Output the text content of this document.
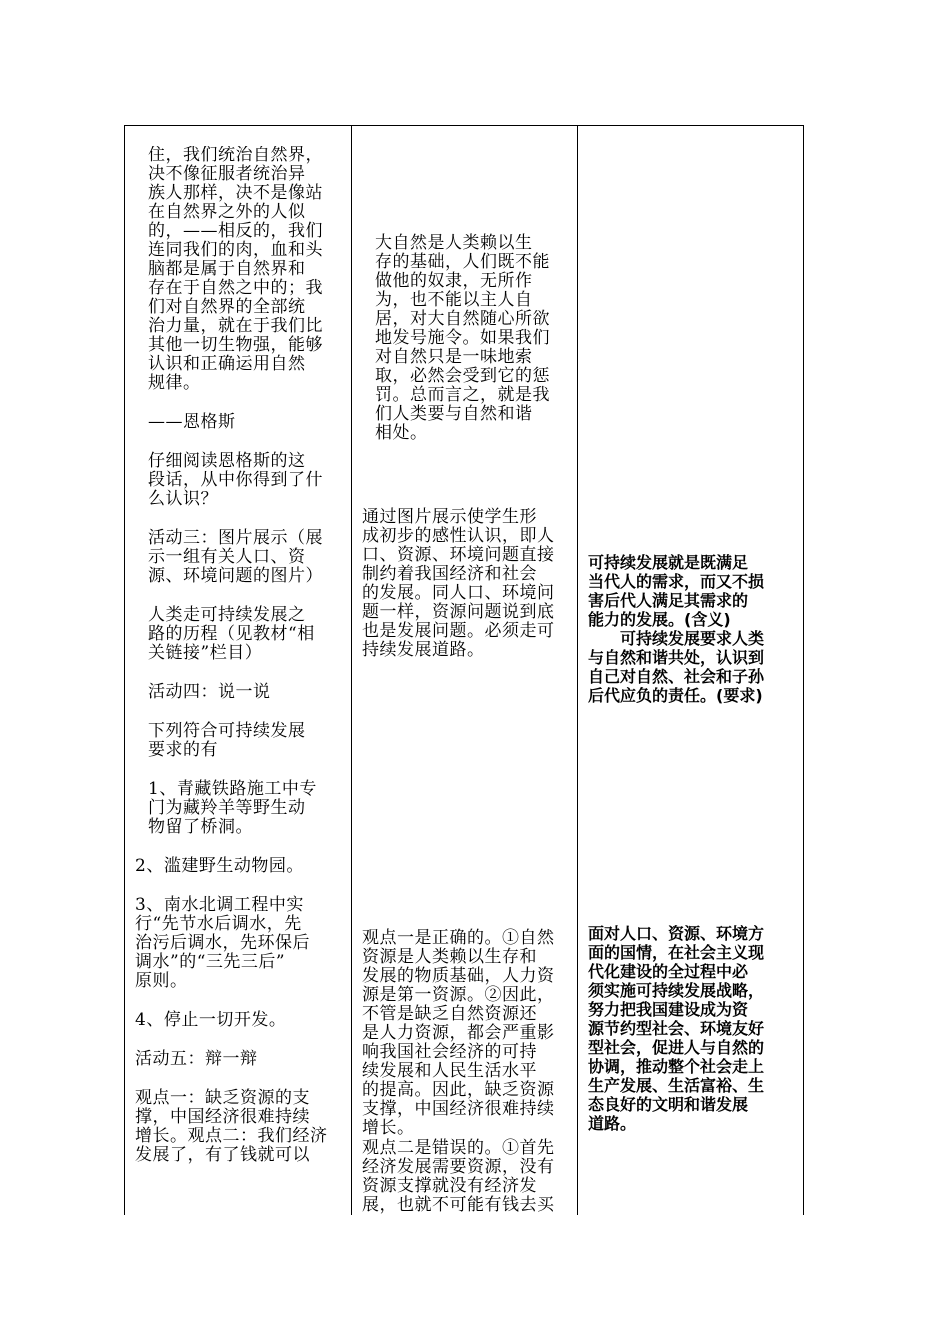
住，我们统治自然界，

决不像征服者统治异

族人那样，决不是像站

在自然界之外的人似

的，——相反的，我们

连同我们的肉，血和头

脑都是属于自然界和

存在于自然之中的；我

们对自然界的全部统

治力量，就在于我们比

其他一切生物强，能够

认识和正确运用自然

规律。

——恩格斯

仔细阅读恩格斯的这

段话，从中你得到了什

么认识？

活动三：图片展示（展

示一组有关人口、资

源、环境问题的图片）

人类走可持续发展之

路的历程（见教材“相

关链接”栏目）

活动四：说一说

下列符合可持续发展

要求的有

1、青藏铁路施工中专

门为藏羚羊等野生动

物留了桥洞。

2、滥建野生动物园。

3、南水北调工程中实

行“先节水后调水，先

治污后调水，先环保后

调水”的“三先三后”

原则。

4、停止一切开发。

活动五：辩一辩

观点一：缺乏资源的支

撑，中国经济很难持续

增长。观点二：我们经济

发展了，有了钱就可以

大自然是人类赖以生

存的基础，人们既不能

做他的奴隶，无所作

为，也不能以主人自

居，对大自然随心所欲

地发号施令。如果我们

对自然只是一味地索

取，必然会受到它的惩

罚。总而言之，就是我

们人类要与自然和谐

相处。

通过图片展示使学生形

成初步的感性认识，即人

口、资源、环境问题直接

制约着我国经济和社会

的发展。同人口、环境问

题一样，资源问题说到底

也是发展问题。必须走可

持续发展道路。

观点一是正确的。①自然

资源是人类赖以生存和

发展的物质基础，人力资

源是第一资源。②因此，

不管是缺乏自然资源还

是人力资源，都会严重影

响我国社会经济的可持

续发展和人民生活水平

的提高。因此，缺乏资源

支撑，中国经济很难持续

增长。

观点二是错误的。①首先

经济发展需要资源，没有

资源支撑就没有经济发

展，也就不可能有钱去买

可持续发展就是既满足

当代人的需求，而又不损

害后代人满足其需求的

能力的发展。(含义)

　　可持续发展要求人类

与自然和谐共处，认识到

自己对自然、社会和子孙

后代应负的责任。(要求)

面对人口、资源、环境方

面的国情，在社会主义现

代化建设的全过程中必

须实施可持续发展战略，

努力把我国建设成为资

源节约型社会、环境友好

型社会，促进人与自然的

协调，推动整个社会走上

生产发展、生活富裕、生

态良好的文明和谐发展

道路。
